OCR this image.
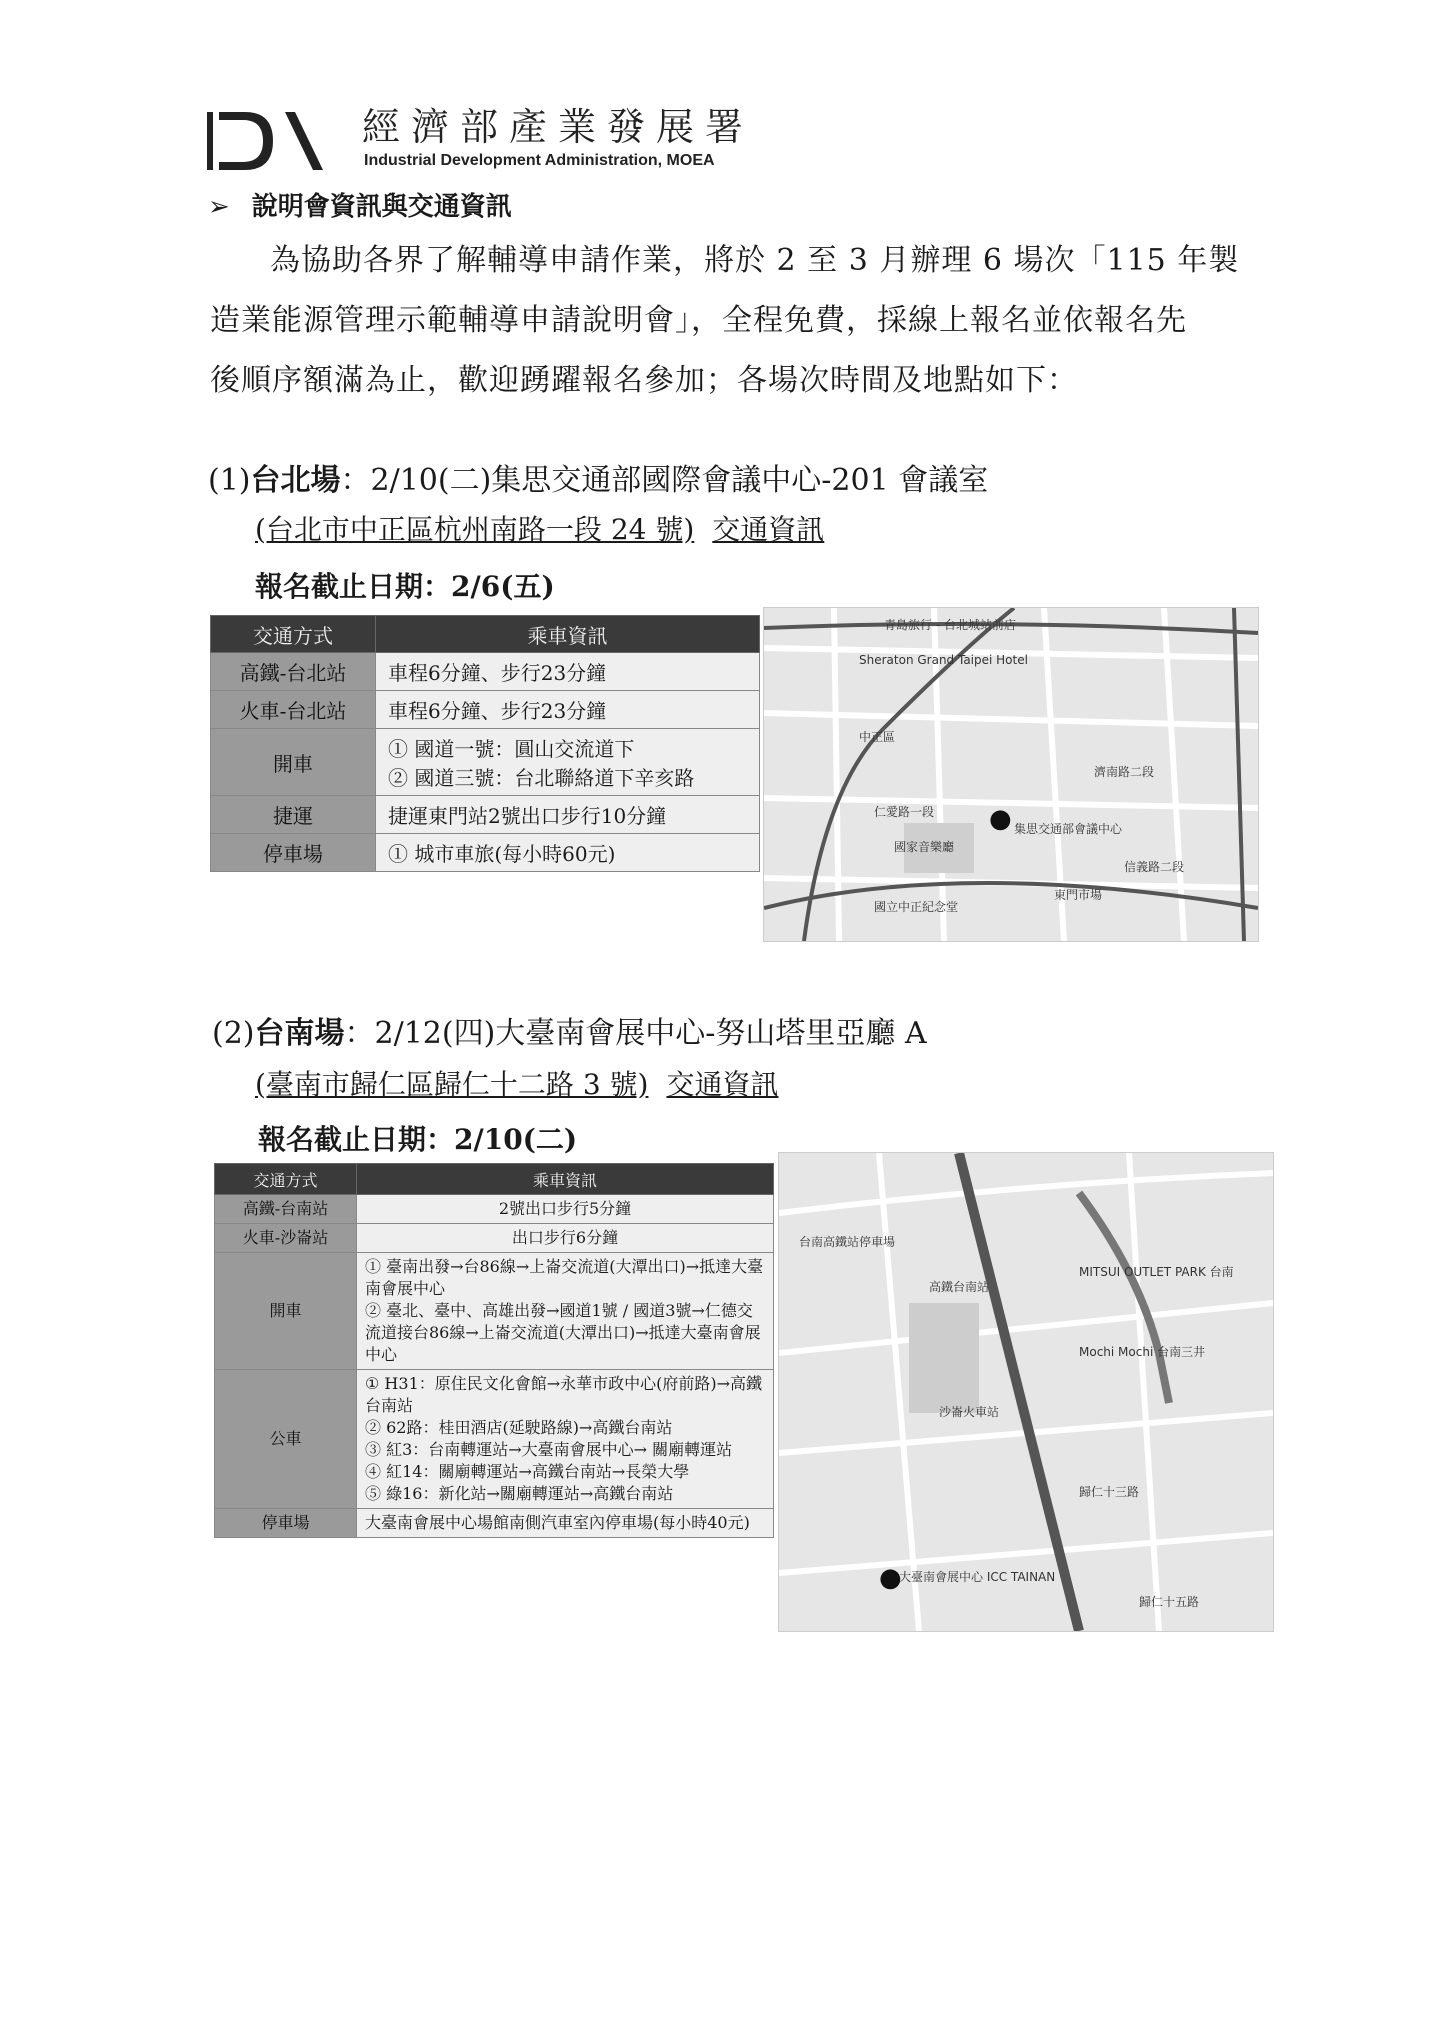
經濟部產業發展署
Industrial Development Administration, MOEA
➢ 說明會資訊與交通資訊
為協助各界了解輔導申請作業，將於 2 至 3 月辦理 6 場次「115 年製
造業能源管理示範輔導申請說明會」，全程免費，採線上報名並依報名先
後順序額滿為止，歡迎踴躍報名參加；各場次時間及地點如下：
(1)台北場：2/10(二)集思交通部國際會議中心-201 會議室
(台北市中正區杭州南路一段 24 號) 交通資訊
報名截止日期：2/6(五)
交通方式	乘車資訊
高鐵-台北站	車程6分鐘、步行23分鐘

火車-台北站	車程6分鐘、步行23分鐘

開車	① 國道一號：圓山交流道下
② 國道三號：台北聯絡道下辛亥路

捷運	捷運東門站2號出口步行10分鐘

停車場	① 城市車旅(每小時60元)
青島旅行 - 台北城站前店
Sheraton Grand Taipei Hotel
中正區
國家音樂廳
國立中正紀念堂
集思交通部會議中心
東門市場
仁愛路一段
濟南路二段
信義路二段
●
(2)台南場：2/12(四)大臺南會展中心-努山塔里亞廳 A
(臺南市歸仁區歸仁十二路 3 號) 交通資訊
報名截止日期：2/10(二)
交通方式	乘車資訊
高鐵-台南站	2號出口步行5分鐘

火車-沙崙站	出口步行6分鐘

開車	① 臺南出發→台86線→上崙交流道(大潭出口)→抵達大臺南會展中心
② 臺北、臺中、高雄出發→國道1號 / 國道3號→仁德交流道接台86線→上崙交流道(大潭出口)→抵達大臺南會展中心

公車	① H31：原住民文化會館→永華市政中心(府前路)→高鐵台南站
② 62路：桂田酒店(延駛路線)→高鐵台南站
③ 紅3：台南轉運站→大臺南會展中心→ 關廟轉運站
④ 紅14：關廟轉運站→高鐵台南站→長榮大學
⑤ 綠16：新化站→關廟轉運站→高鐵台南站

停車場	大臺南會展中心場館南側汽車室內停車場(每小時40元)
高鐵台南站
沙崙火車站
MITSUI OUTLET PARK 台南
Mochi Mochi 台南三井
大臺南會展中心 ICC TAINAN
台南高鐵站停車場
歸仁十三路
歸仁十五路
●
